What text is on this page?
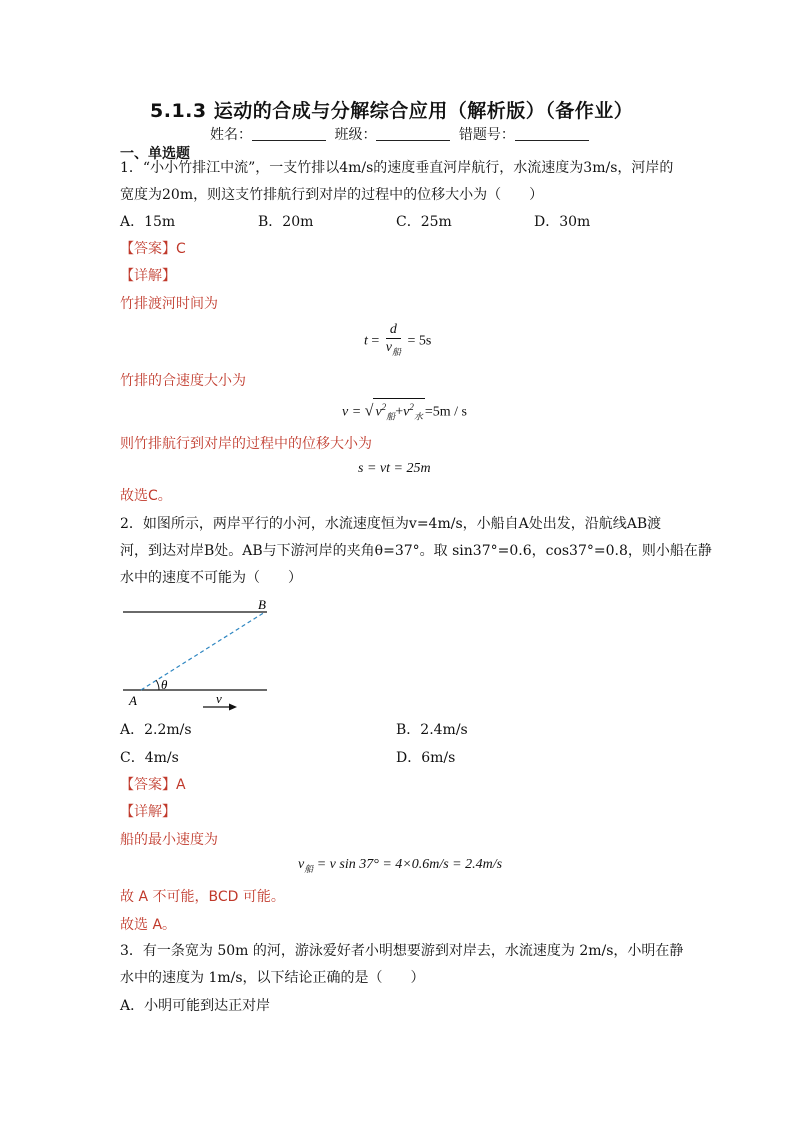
5.1.3 运动的合成与分解综合应用（解析版）（备作业）
姓名：	班级：	错题号：
一、单选题
1．“小小竹排江中流”，一支竹排以4m/s的速度垂直河岸航行，水流速度为3m/s，河岸的
宽度为20m，则这支竹排航行到对岸的过程中的位移大小为（　　）
A．15m	B．20m	C．25m	D．30m
【答案】C
【详解】
竹排渡河时间为
$t = \frac{d}{v_船} = 5s$
竹排的合速度大小为
v = √ $v^2_船+v^2_水 =5m / s$
则竹排航行到对岸的过程中的位移大小为
s = vt = 25m
故选C。
2．如图所示，两岸平行的小河，水流速度恒为v=4m/s，小船自A处出发，沿航线AB渡
河，到达对岸B处。AB与下游河岸的夹角θ=37°。取 sin37°=0.6，cos37°=0.8，则小船在静
水中的速度不可能为（　　）
B
A
θ
v
A．2.2m/s	B．2.4m/s
C．4m/s	D．6m/s
【答案】A
【详解】
船的最小速度为
$v_船 = v$ sin 37° = 4×0.6m/s = 2.4m/s
故 A 不可能，BCD 可能。
故选 A。
3．有一条宽为 50m 的河，游泳爱好者小明想要游到对岸去，水流速度为 2m/s，小明在静
水中的速度为 1m/s，以下结论正确的是（　　）
A．小明可能到达正对岸
